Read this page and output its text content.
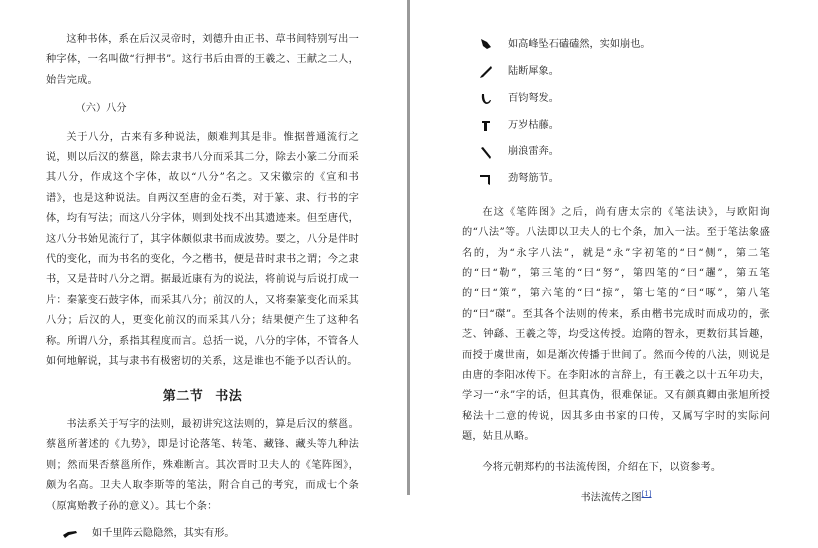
这种书体，系在后汉灵帝时，刘德升由正书、草书间特别写出一种字体，一名叫做“行押书”。这行书后由晋的王羲之、王献之二人，始告完成。

（六）八分

关于八分，古来有多种说法，颇难判其是非。惟据普通流行之说，则以后汉的蔡邕，除去隶书八分而采其二分，除去小篆二分而采其八分，作成这个字体，故以“八分”名之。又宋徽宗的《宣和书谱》，也是这种说法。自两汉至唐的金石类，对于篆、隶、行书的字体，均有写法；而这八分字体，则到处找不出其遗迹来。但至唐代，这八分书始见流行了，其字体颇似隶书而成波势。要之，八分是伴时代的变化，而为书名的变化，今之楷书，便是昔时隶书之谓；今之隶书，又是昔时八分之谓。据最近康有为的说法，将前说与后说打成一片：秦篆变石鼓字体，而采其八分；前汉的人，又将秦篆变化而采其八分；后汉的人，更变化前汉的而采其八分；结果便产生了这种名称。所谓八分，系指其程度而言。总括一说，八分的字体，不管各人如何地解说，其与隶书有极密切的关系，这是谁也不能予以否认的。

第二节 书法

书法系关于写字的法则，最初讲究这法则的，算是后汉的蔡邕。蔡邕所著述的《九势》，即是讨论落笔、转笔、藏锋、藏头等九种法则；然而果否蔡邕所作，殊难断言。其次晋时卫夫人的《笔阵图》，颇为名高。卫夫人取李斯等的笔法，附合自己的考究，而成七个条（原寓贻教子孙的意义）。其七个条：

如千里阵云隐隐然，其实有形。
如高峰坠石磕磕然，实如崩也。
陆断犀象。
百钧弩发。
万岁枯藤。
崩浪雷奔。
劲弩筋节。

在这《笔阵图》之后，尚有唐太宗的《笔法诀》，与欧阳询的“八法”等。八法即以卫夫人的七个条，加入一法。至于笔法象盛名的，为“永字八法”，就是“永”字初笔的“曰“侧”，第二笔的“曰“勒”，第三笔的“曰“努”，第四笔的“曰“趯”，第五笔的“曰“策”，第六笔的“曰“掠”，第七笔的“曰“啄”，第八笔的“曰“磔”。至其各个法则的传来，系由楷书完成时而成功的，张芝、钟繇、王羲之等，均受这传授。迨隋的智永，更数衍其旨趣，而授于虞世南，如是渐次传播于世间了。然而今传的八法，则说是由唐的李阳冰传下。在李阳冰的言辞上，有王羲之以十五年功夫，学习一“永”字的话，但其真伪，很难保证。又有颜真卿由张旭所授秘法十二意的传说，因其多由书家的口传，又属写字时的实际问题，姑且从略。

今将元朝郑杓的书法流传图，介绍在下，以资参考。

书法流传之图[1]
